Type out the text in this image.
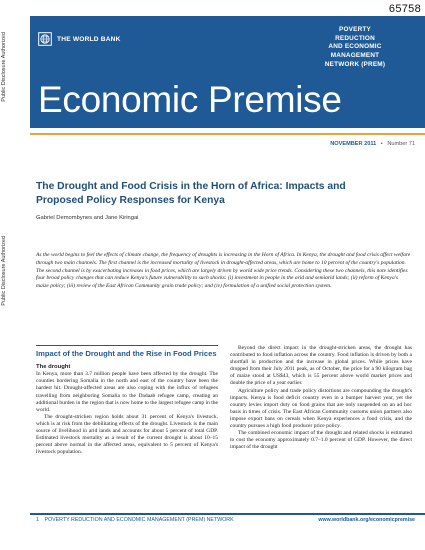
65758
Public Disclosure Authorized
Public Disclosure Authorized
THE WORLD BANK
POVERTY
REDUCTION
AND ECONOMIC
MANAGEMENT
NETWORK (PREM)
Economic Premise
NOVEMBER 2011 • Number 71
The Drought and Food Crisis in the Horn of Africa: Impacts and Proposed Policy Responses for Kenya
Gabriel Demombynes and Jane Kiringai

As the world begins to feel the effects of climate change, the frequency of droughts is increasing in the Horn of Africa. In Kenya, the drought and food crisis affect welfare through two main channels. The first channel is the increased mortality of livestock in drought-affected areas, which are home to 10 percent of the country's population. The second channel is by exacerbating increases in food prices, which are largely driven by world wide price trends. Considering these two channels, this note identifies four broad policy changes that can reduce Kenya's future vulnerability to such shocks: (i) investment in people in the arid and semiarid lands; (ii) reform of Kenya's maize policy; (iii) review of the East African Community grain trade policy; and (iv) formulation of a unified social protection system.

Impact of the Drought and the Rise in Food Prices
The drought

In Kenya, more than 3.7 million people have been affected by the drought. The counties bordering Somalia in the north and east of the country have been the hardest hit. Drought-affected areas are also coping with the influx of refugees travelling from neighboring Somalia to the Dadaab refugee camp, creating an additional burden in the region that is now home to the largest refugee camp in the world.

The drought-stricken region holds about 31 percent of Kenya's livestock, which is at risk from the debilitating effects of the drought. Livestock is the main source of livelihood in arid lands and accounts for about 5 percent of total GDP. Estimated livestock mortality as a result of the current drought is about 10–15 percent above normal in the affected areas, equivalent to 5 percent of Kenya's livestock population.

Beyond the direct impact in the drought-stricken areas, the drought has contributed to food inflation across the country. Food inflation is driven by both a shortfall in production and the increase in global prices. While prices have dropped from their July 2011 peak, as of October, the price for a 90 kilogram bag of maize stood at US$43, which is 55 percent above world market prices and double the price of a year earlier.

Agriculture policy and trade policy distortions are compounding the drought's impacts. Kenya is food deficit country even in a bumper harvest year, yet the country levies import duty on food grains that are only suspended on an ad hoc basis in times of crisis. The East African Community customs union partners also impose export bans on cereals when Kenya experiences a food crisis, and the country pursues a high food producer price policy.

The combined economic impact of the drought and related shocks is estimated to cost the economy approximately 0.7–1.0 percent of GDP. However, the direct impact of the drought

1 POVERTY REDUCTION AND ECONOMIC MANAGEMENT (PREM) NETWORK	www.worldbank.org/economicpremise
